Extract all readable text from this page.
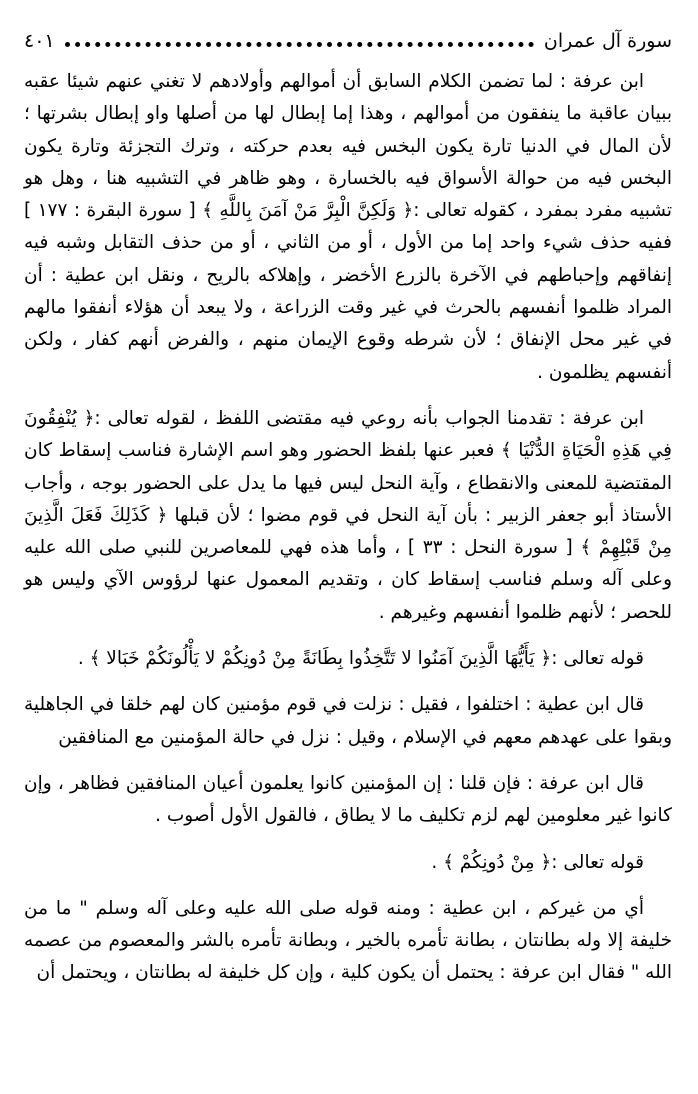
سورة آل عمران
٤٠١

ابن عرفة : لما تضمن الكلام السابق أن أموالهم وأولادهم لا تغني عنهم شيئا عقبه ببيان عاقبة ما ينفقون من أموالهم ، وهذا إما إبطال لها من أصلها واو إبطال بشرتها ؛ لأن المال في الدنيا تارة يكون البخس فيه بعدم حركته ، وترك التجزئة وتارة يكون البخس فيه من حوالة الأسواق فيه بالخسارة ، وهو ظاهر في التشبيه هنا ، وهل هو تشبيه مفرد بمفرد ، كقوله تعالى :﴿ وَلَكِنَّ الْبِرَّ مَنْ آمَنَ بِاللَّهِ ﴾ [ سورة البقرة : ١٧٧ ] ففيه حذف شيء واحد إما من الأول ، أو من الثاني ، أو من حذف التقابل وشبه فيه إنفاقهم وإحباطهم في الآخرة بالزرع الأخضر ، وإهلاكه بالريح ، ونقل ابن عطية : أن المراد ظلموا أنفسهم بالحرث في غير وقت الزراعة ، ولا يبعد أن هؤلاء أنفقوا مالهم في غير محل الإنفاق ؛ لأن شرطه وقوع الإيمان منهم ، والفرض أنهم كفار ، ولكن أنفسهم يظلمون .

ابن عرفة : تقدمنا الجواب بأنه روعي فيه مقتضى اللفظ ، لقوله تعالى :﴿ يُنْفِقُونَ فِي هَذِهِ الْحَيَاةِ الدُّنْيَا ﴾ فعبر عنها بلفظ الحضور وهو اسم الإشارة فناسب إسقاط كان المقتضية للمعنى والانقطاع ، وآية النحل ليس فيها ما يدل على الحضور بوجه ، وأجاب الأستاذ أبو جعفر الزبير : بأن آية النحل في قوم مضوا ؛ لأن قبلها ﴿ كَذَلِكَ فَعَلَ الَّذِينَ مِنْ قَبْلِهِمْ ﴾ [ سورة النحل : ٣٣ ] ، وأما هذه فهي للمعاصرين للنبي صلى الله عليه وعلى آله وسلم فناسب إسقاط كان ، وتقديم المعمول عنها لرؤوس الآي وليس هو للحصر ؛ لأنهم ظلموا أنفسهم وغيرهم .

قوله تعالى :﴿ يَأَيُّهَا الَّذِينَ آمَنُوا لا تَتَّخِذُوا بِطَانَةً مِنْ دُونِكُمْ لا يَأْلُونَكُمْ خَبَالا ﴾ .

قال ابن عطية : اختلفوا ، فقيل : نزلت في قوم مؤمنين كان لهم خلقا في الجاهلية وبقوا على عهدهم معهم في الإسلام ، وقيل : نزل في حالة المؤمنين مع المنافقين

قال ابن عرفة : فإن قلنا : إن المؤمنين كانوا يعلمون أعيان المنافقين فظاهر ، وإن كانوا غير معلومين لهم لزم تكليف ما لا يطاق ، فالقول الأول أصوب .

قوله تعالى :﴿ مِنْ دُونِكُمْ ﴾ .

أي من غيركم ، ابن عطية : ومنه قوله صلى الله عليه وعلى آله وسلم " ما من خليفة إلا وله بطانتان ، بطانة تأمره بالخير ، وبطانة تأمره بالشر والمعصوم من عصمه الله " فقال ابن عرفة : يحتمل أن يكون كلية ، وإن كل خليفة له بطانتان ، ويحتمل أن
